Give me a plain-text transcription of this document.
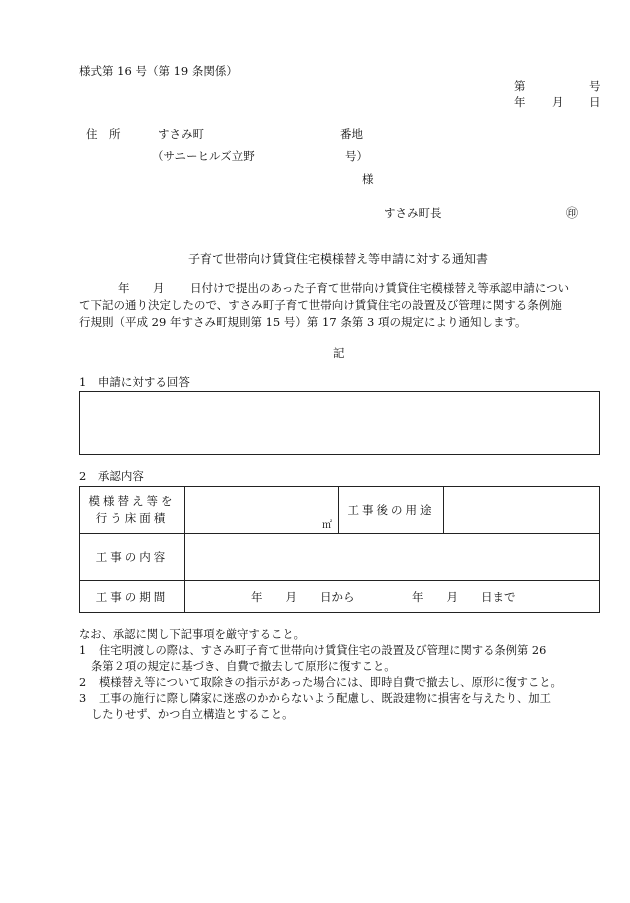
様式第 16 号（第 19 条関係）
第	号
年 月 日
住　所	すさみ町	番地
（サニーヒルズ立野	号）
様
すさみ町長	㊞
子育て世帯向け賃貸住宅模様替え等申請に対する通知書
年 月 日付けで提出のあった子育て世帯向け賃貸住宅模様替え等承認申請につい
て下記の通り決定したので、すさみ町子育て世帯向け賃貸住宅の設置及び管理に関する条例施
行規則（平成 29 年すさみ町規則第 15 号）第 17 条第 3 項の規定により通知します。
記
1　申請に対する回答
2　承認内容
模様替え等を
行う床面積	㎡	工事後の用途	
工事の内容			
工事の期間	年　　月　　日から　　　　　年　　月　　日まで		
なお、承認に関し下記事項を厳守すること。
1	住宅明渡しの際は、すさみ町子育て世帯向け賃貸住宅の設置及び管理に関する条例第 26
条第２項の規定に基づき、自費で撤去して原形に復すこと。
2	模様替え等について取除きの指示があった場合には、即時自費で撤去し、原形に復すこと。
3	工事の施行に際し隣家に迷惑のかからないよう配慮し、既設建物に損害を与えたり、加工
したりせず、かつ自立構造とすること。
